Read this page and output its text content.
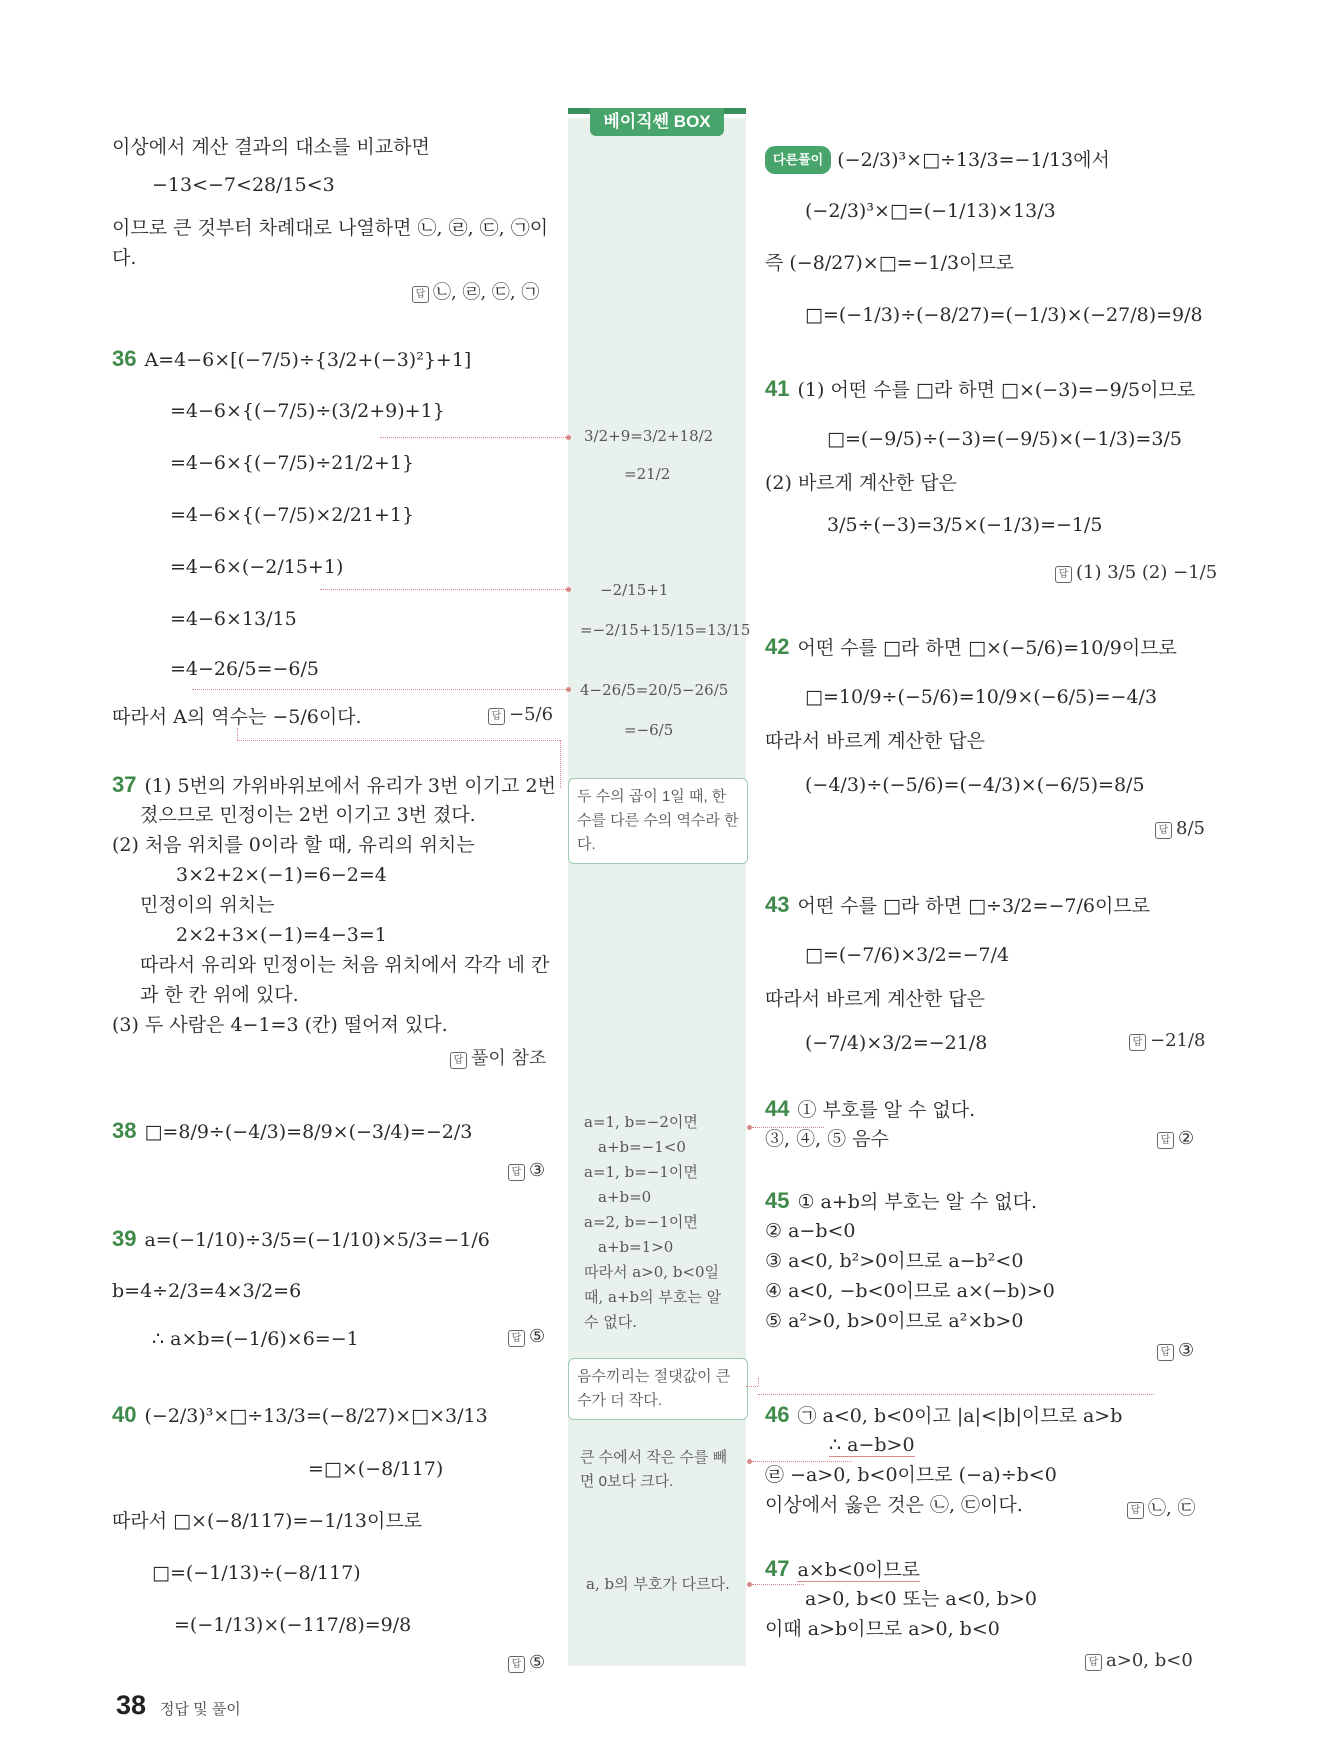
베이직쎈 BOX
이상에서 계산 결과의 대소를 비교하면
−13<−7<28/15<3
이므로 큰 것부터 차례대로 나열하면 ㉡, ㉣, ㉢, ㉠이
다.
답 ㉡, ㉣, ㉢, ㉠
36 A=4−6×[(−7/5)÷{3/2+(−3)²}+1]
=4−6×{(−7/5)÷(3/2+9)+1}
=4−6×{(−7/5)÷21/2+1}
=4−6×{(−7/5)×2/21+1}
=4−6×(−2/15+1)
=4−6×13/15
=4−26/5=−6/5
따라서 A의 역수는 −5/6이다.	답 −5/6
37 (1) 5번의 가위바위보에서 유리가 3번 이기고 2번
졌으므로 민정이는 2번 이기고 3번 졌다.
(2) 처음 위치를 0이라 할 때, 유리의 위치는
3×2+2×(−1)=6−2=4
민정이의 위치는
2×2+3×(−1)=4−3=1
따라서 유리와 민정이는 처음 위치에서 각각 네 칸
과 한 칸 위에 있다.
(3) 두 사람은 4−1=3 (칸) 떨어져 있다.
답 풀이 참조
38 □=8/9÷(−4/3)=8/9×(−3/4)=−2/3
답 ③
39 a=(−1/10)÷3/5=(−1/10)×5/3=−1/6
b=4÷2/3=4×3/2=6
∴ a×b=(−1/6)×6=−1	답 ⑤
40 (−2/3)³×□÷13/3=(−8/27)×□×3/13
=□×(−8/117)
따라서 □×(−8/117)=−1/13이므로
□=(−1/13)÷(−8/117)
=(−1/13)×(−117/8)=9/8
답 ⑤
3/2+9=3/2+18/2
=21/2
−2/15+1
=−2/15+15/15=13/15
4−26/5=20/5−26/5
=−6/5
두 수의 곱이 1일 때, 한 수를 다른 수의 역수라 한다.
a=1, b=−2이면
a+b=−1<0
a=1, b=−1이면
a+b=0
a=2, b=−1이면
a+b=1>0
따라서 a>0, b<0일
때, a+b의 부호는 알
수 없다.
음수끼리는 절댓값이 큰 수가 더 작다.
큰 수에서 작은 수를 빼면 0보다 크다.
a, b의 부호가 다르다.
다른풀이 (−2/3)³×□÷13/3=−1/13에서
(−2/3)³×□=(−1/13)×13/3
즉 (−8/27)×□=−1/3이므로
□=(−1/3)÷(−8/27)=(−1/3)×(−27/8)=9/8
41 (1) 어떤 수를 □라 하면 □×(−3)=−9/5이므로
□=(−9/5)÷(−3)=(−9/5)×(−1/3)=3/5
(2) 바르게 계산한 답은
3/5÷(−3)=3/5×(−1/3)=−1/5
답 (1) 3/5 (2) −1/5
42 어떤 수를 □라 하면 □×(−5/6)=10/9이므로
□=10/9÷(−5/6)=10/9×(−6/5)=−4/3
따라서 바르게 계산한 답은
(−4/3)÷(−5/6)=(−4/3)×(−6/5)=8/5
답 8/5
43 어떤 수를 □라 하면 □÷3/2=−7/6이므로
□=(−7/6)×3/2=−7/4
따라서 바르게 계산한 답은
(−7/4)×3/2=−21/8	답 −21/8
44 ① 부호를 알 수 없다.
③, ④, ⑤ 음수	답 ②
45 ① a+b의 부호는 알 수 없다.
② a−b<0
③ a<0, b²>0이므로 a−b²<0
④ a<0, −b<0이므로 a×(−b)>0
⑤ a²>0, b>0이므로 a²×b>0
답 ③
46 ㉠ a<0, b<0이고 |a|<|b|이므로 a>b
∴ a−b>0
㉣ −a>0, b<0이므로 (−a)÷b<0
이상에서 옳은 것은 ㉡, ㉢이다.	답 ㉡, ㉢
47 a×b<0이므로
a>0, b<0 또는 a<0, b>0
이때 a>b이므로 a>0, b<0
답 a>0, b<0
38 정답 및 풀이
